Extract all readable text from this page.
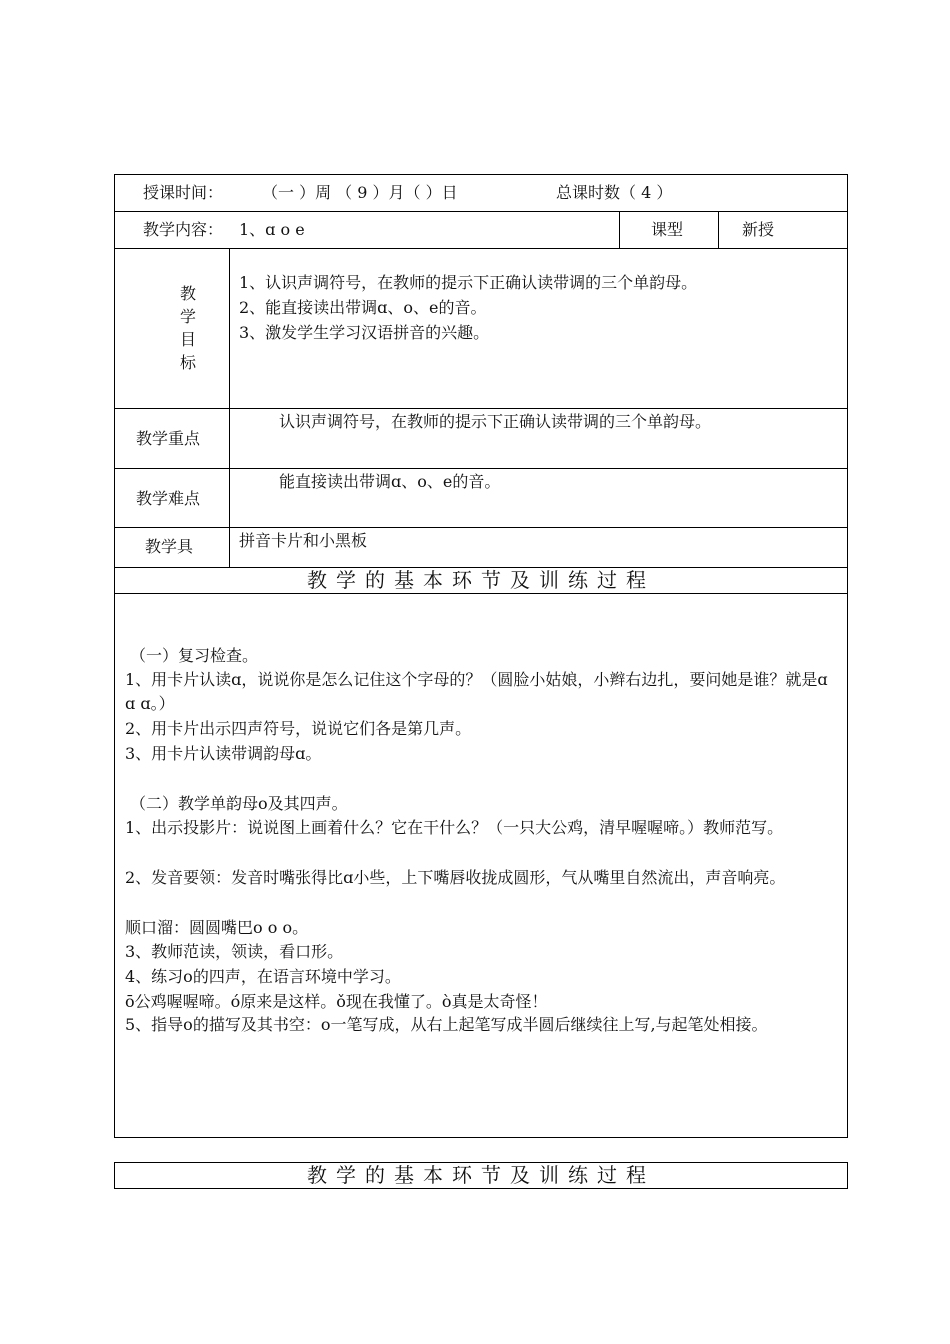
授课时间： （一 ）周 （ 9 ）月（ ）日	总课时数（ 4 ）
教学内容： 1、ɑ o e	课型	新授
教
学
目
标
1、认识声调符号，在教师的提示下正确认读带调的三个单韵母。
2、能直接读出带调ɑ、o、e的音。
3、激发学生学习汉语拼音的兴趣。
教学重点
认识声调符号，在教师的提示下正确认读带调的三个单韵母。
教学难点
能直接读出带调ɑ、o、e的音。
教学具	拼音卡片和小黑板
教学的基本环节及训练过程
（一）复习检查。
1、用卡片认读ɑ，说说你是怎么记住这个字母的？（圆脸小姑娘，小辫右边扎，要问她是谁？就是ɑ ɑ ɑ。）
2、用卡片出示四声符号，说说它们各是第几声。
3、用卡片认读带调韵母ɑ。
（二）教学单韵母o及其四声。
1、出示投影片：说说图上画着什么？它在干什么？（一只大公鸡，清早喔喔啼。）教师范写。
2、发音要领：发音时嘴张得比ɑ小些，上下嘴唇收拢成圆形，气从嘴里自然流出，声音响亮。
顺口溜：圆圆嘴巴o o o。
3、教师范读，领读，看口形。
4、练习o的四声，在语言环境中学习。
ō公鸡喔喔啼。ó原来是这样。ǒ现在我懂了。ò真是太奇怪！
5、指导o的描写及其书空：o一笔写成，从右上起笔写成半圆后继续往上写,与起笔处相接。
教学的基本环节及训练过程
